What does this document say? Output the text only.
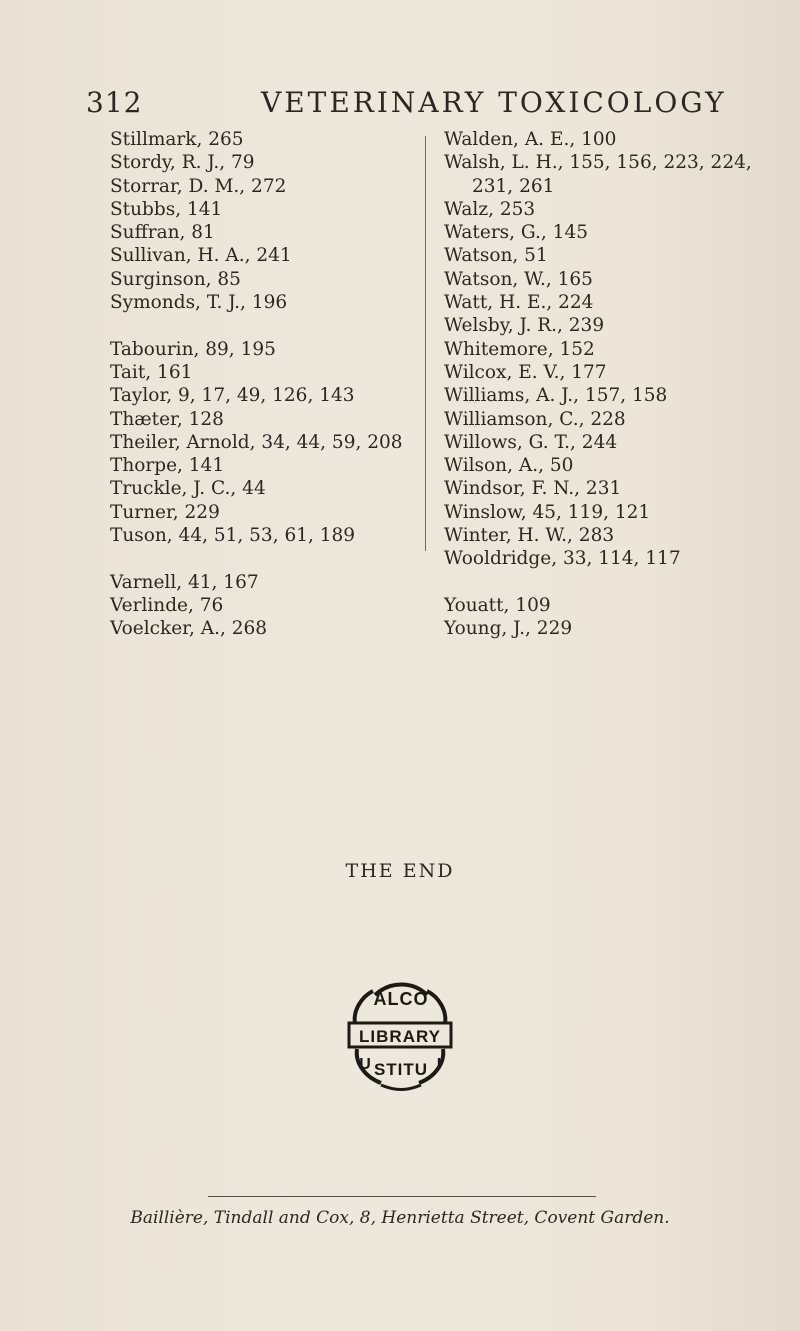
312	VETERINARY TOXICOLOGY
Stillmark, 265
Stordy, R. J., 79
Storrar, D. M., 272
Stubbs, 141
Suffran, 81
Sullivan, H. A., 241
Surginson, 85
Symonds, T. J., 196
Tabourin, 89, 195
Tait, 161
Taylor, 9, 17, 49, 126, 143
Thæter, 128
Theiler, Arnold, 34, 44, 59, 208
Thorpe, 141
Truckle, J. C., 44
Turner, 229
Tuson, 44, 51, 53, 61, 189
Varnell, 41, 167
Verlinde, 76
Voelcker, A., 268
Walden, A. E., 100
Walsh, L. H., 155, 156, 223, 224,
231, 261
Walz, 253
Waters, G., 145
Watson, 51
Watson, W., 165
Watt, H. E., 224
Welsby, J. R., 239
Whitemore, 152
Wilcox, E. V., 177
Williams, A. J., 157, 158
Williamson, C., 228
Willows, G. T., 244
Wilson, A., 50
Windsor, F. N., 231
Winslow, 45, 119, 121
Winter, H. W., 283
Wooldridge, 33, 114, 117
Youatt, 109
Young, J., 229
THE END
ALCO
LIBRARY
STITU
U	I
Baillière, Tindall and Cox, 8, Henrietta Street, Covent Garden.
